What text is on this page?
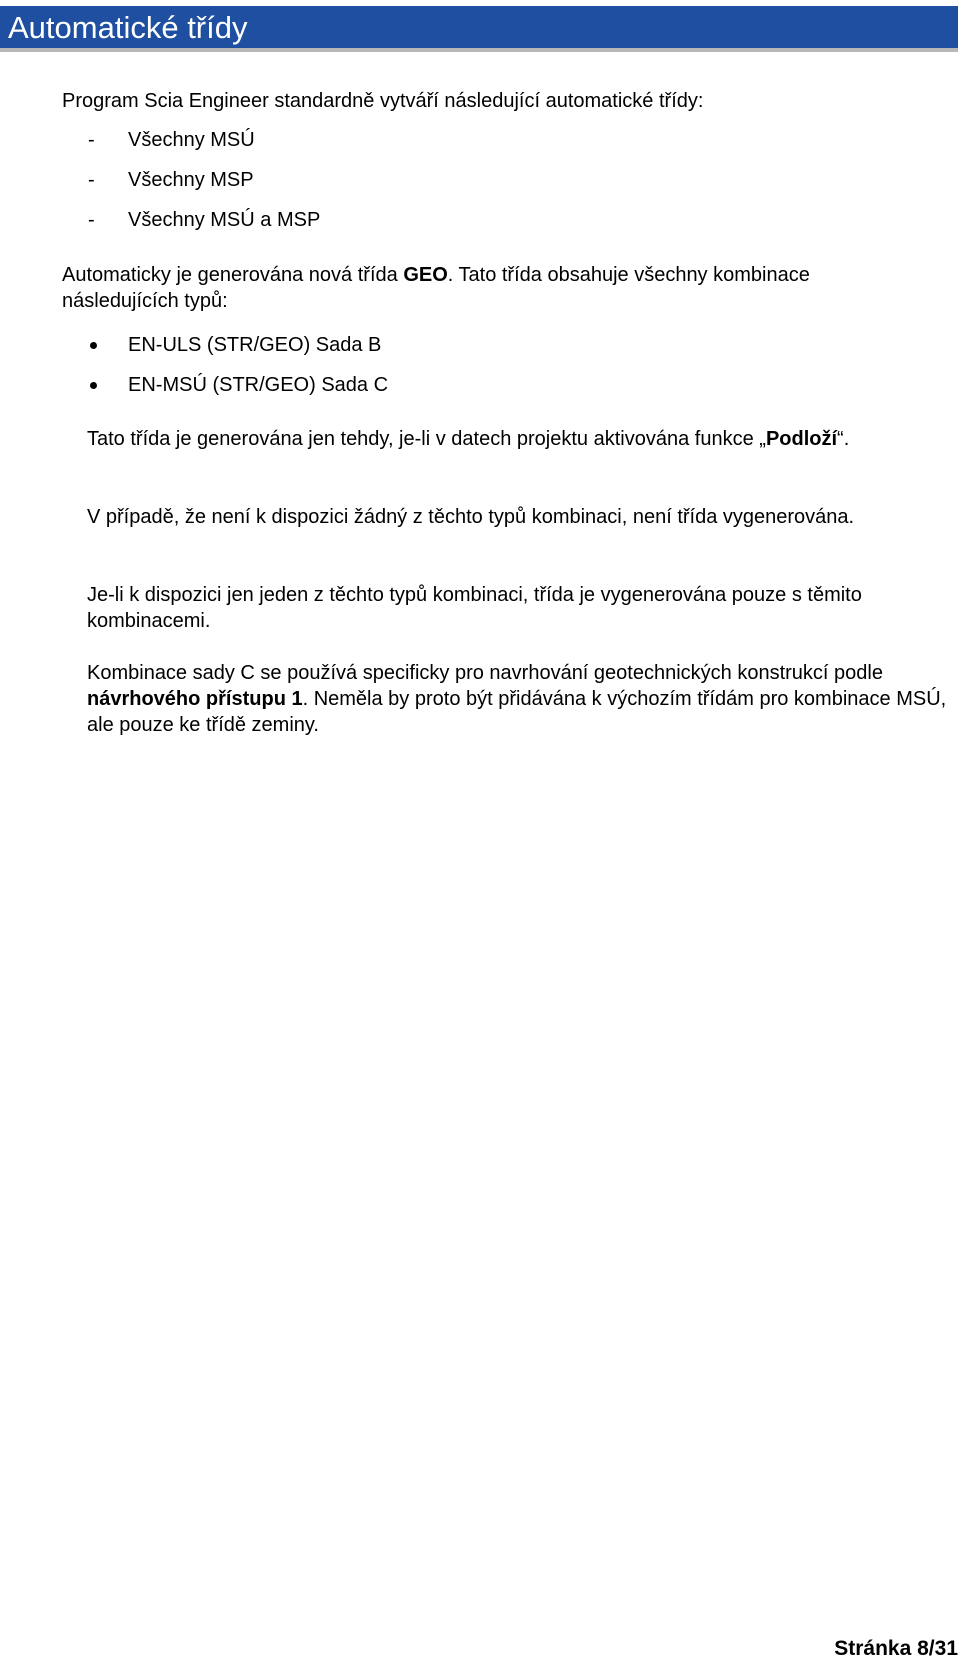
Automatické třídy
Program Scia Engineer standardně vytváří následující automatické třídy:
- Všechny MSÚ
- Všechny MSP
- Všechny MSÚ a MSP
Automaticky je generována nová třída GEO. Tato třída obsahuje všechny kombinace
následujících typů:
EN-ULS (STR/GEO) Sada B
EN-MSÚ (STR/GEO) Sada C
Tato třída je generována jen tehdy, je-li v datech projektu aktivována funkce „Podloží“.
V případě, že není k dispozici žádný z těchto typů kombinaci, není třída vygenerována.
Je-li k dispozici jen jeden z těchto typů kombinaci, třída je vygenerována pouze s těmito kombinacemi.
Kombinace sady C se používá specificky pro navrhování geotechnických konstrukcí podle návrhového přístupu 1. Neměla by proto být přidávána k výchozím třídám pro kombinace MSÚ, ale pouze ke třídě zeminy.
Stránka 8/31
